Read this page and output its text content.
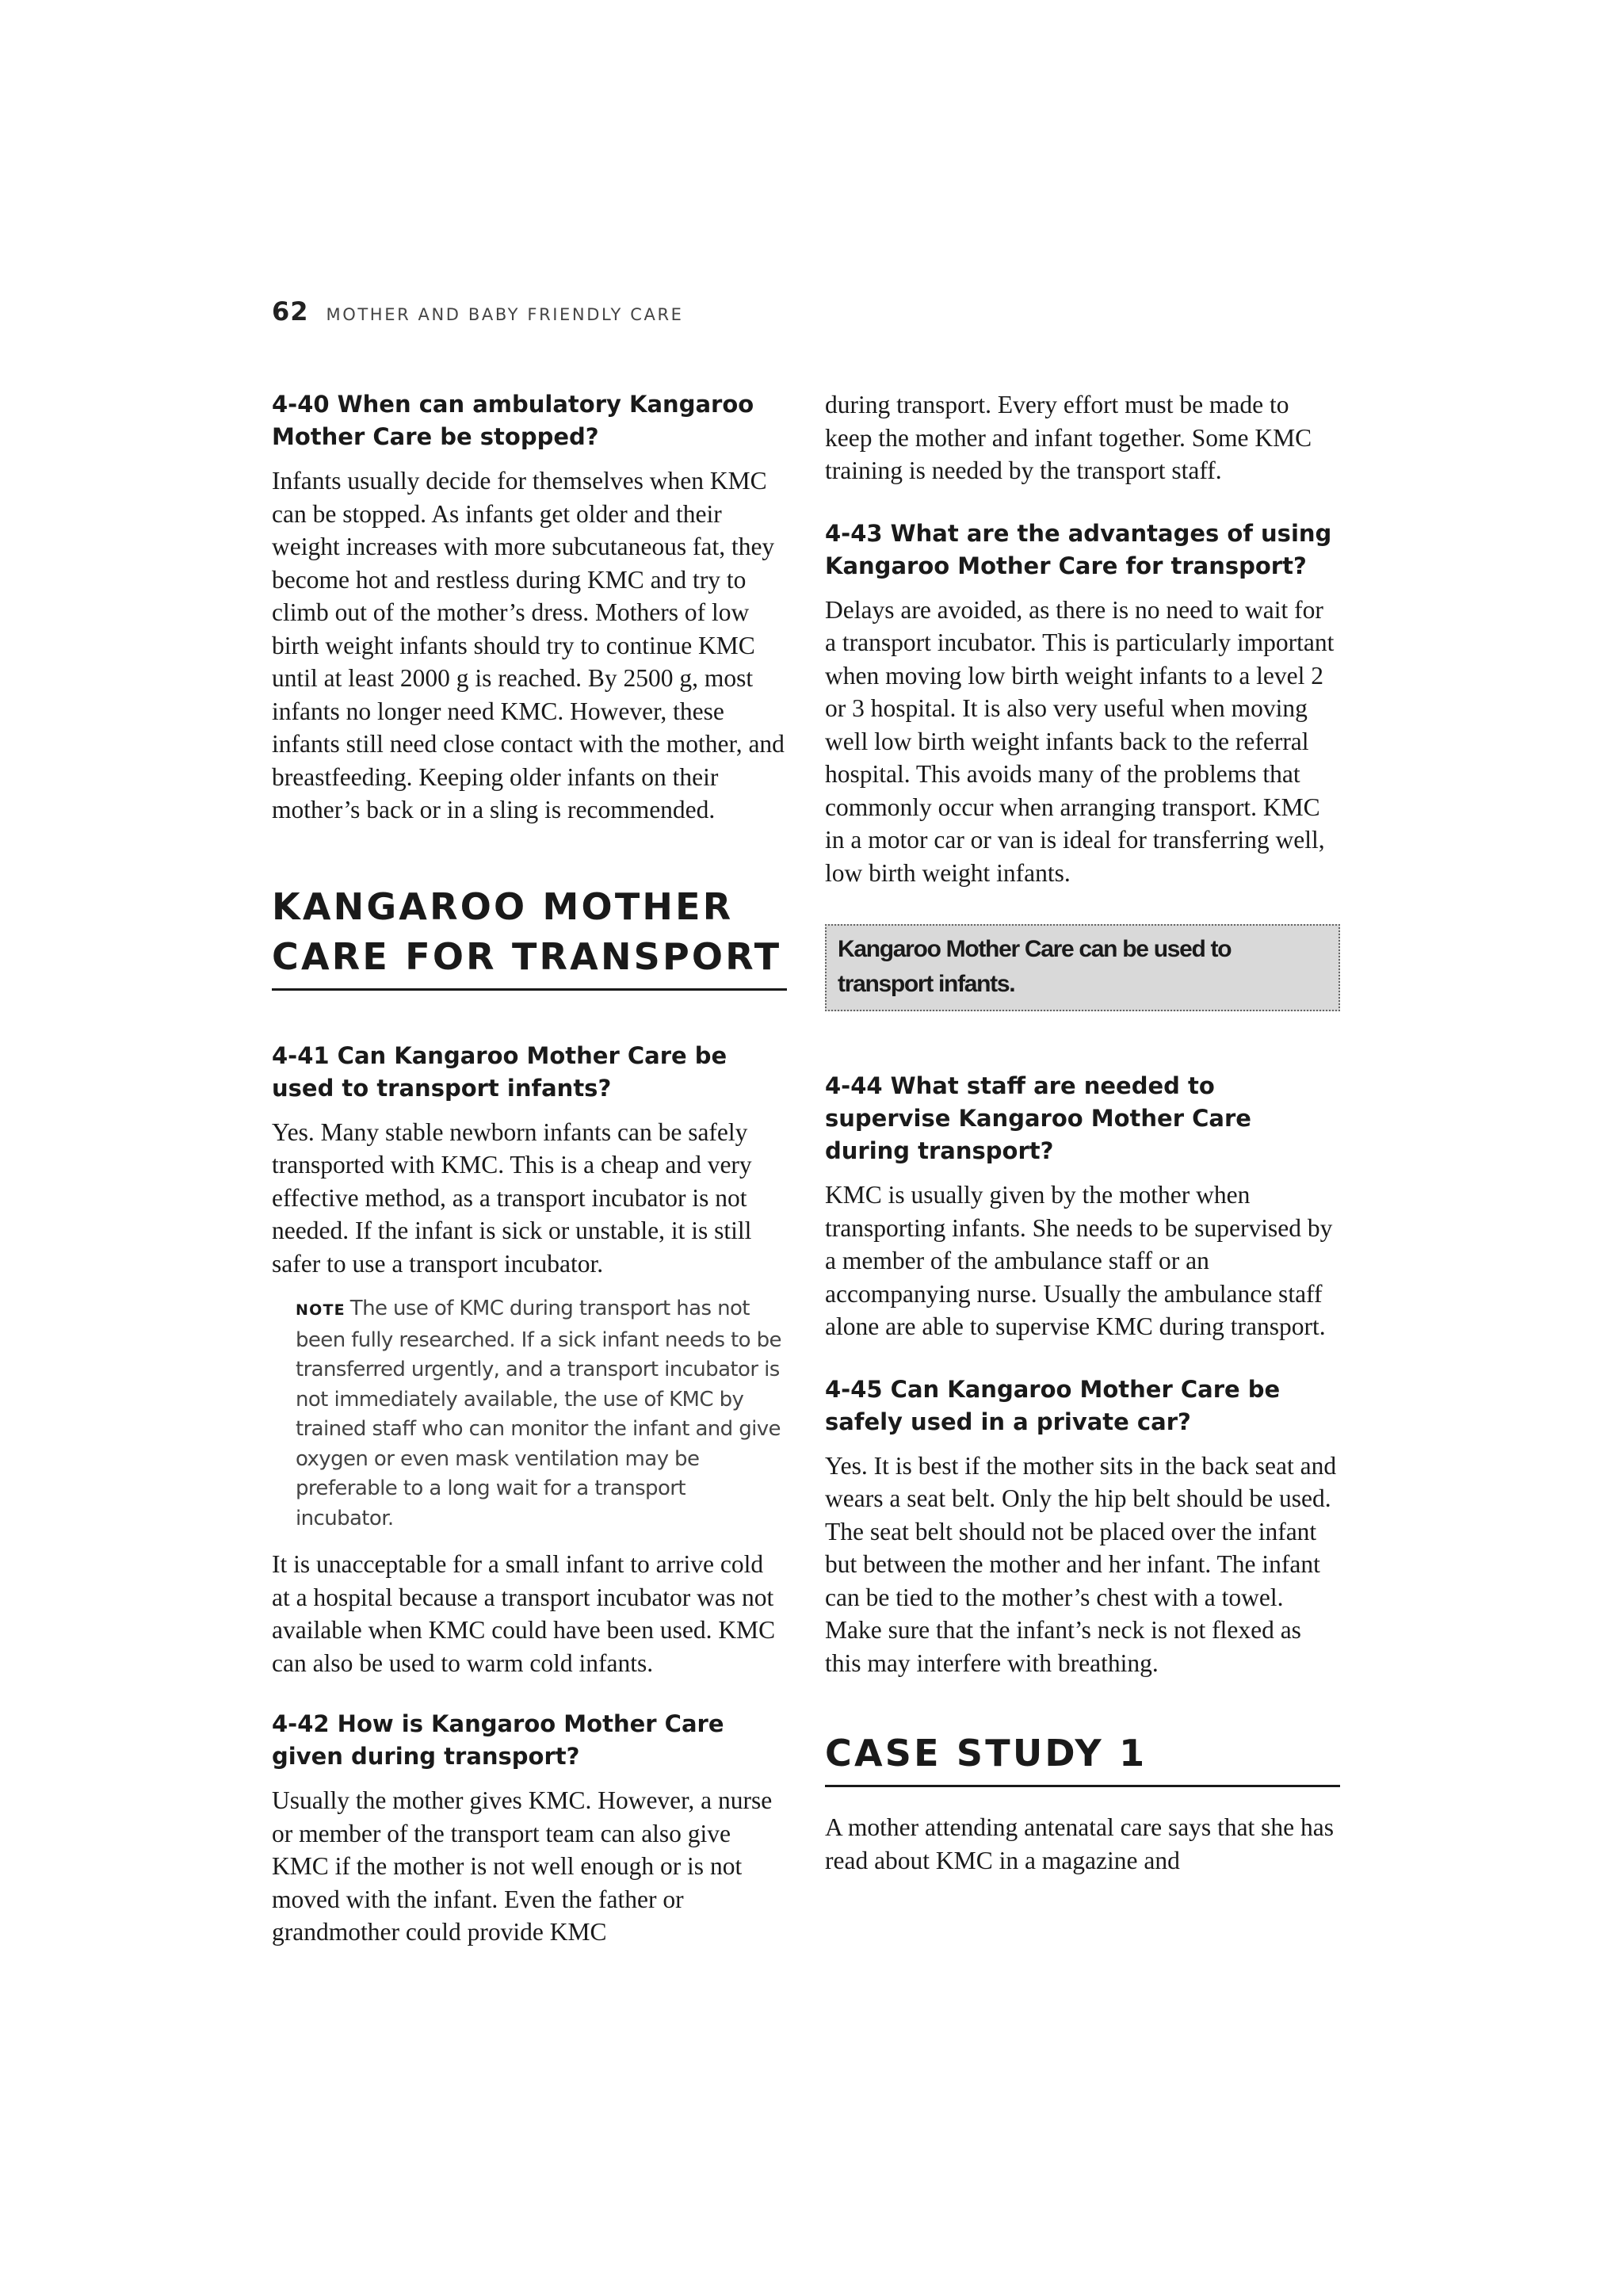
62 MOTHER AND BABY FRIENDLY CARE
4-40 When can ambulatory Kangaroo Mother Care be stopped?

Infants usually decide for themselves when KMC can be stopped. As infants get older and their weight increases with more subcutaneous fat, they become hot and restless during KMC and try to climb out of the mother’s dress. Mothers of low birth weight infants should try to continue KMC until at least 2000 g is reached. By 2500 g, most infants no longer need KMC. However, these infants still need close contact with the mother, and breastfeeding. Keeping older infants on their mother’s back or in a sling is recommended.

KANGAROO MOTHER CARE FOR TRANSPORT
4-41 Can Kangaroo Mother Care be used to transport infants?

Yes. Many stable newborn infants can be safely transported with KMC. This is a cheap and very effective method, as a transport incubator is not needed. If the infant is sick or unstable, it is still safer to use a transport incubator.

NOTE The use of KMC during transport has not been fully researched. If a sick infant needs to be transferred urgently, and a transport incubator is not immediately available, the use of KMC by trained staff who can monitor the infant and give oxygen or even mask ventilation may be preferable to a long wait for a transport incubator.

It is unacceptable for a small infant to arrive cold at a hospital because a transport incubator was not available when KMC could have been used. KMC can also be used to warm cold infants.

4-42 How is Kangaroo Mother Care given during transport?

Usually the mother gives KMC. However, a nurse or member of the transport team can also give KMC if the mother is not well enough or is not moved with the infant. Even the father or grandmother could provide KMC

during transport. Every effort must be made to keep the mother and infant together. Some KMC training is needed by the transport staff.

4-43 What are the advantages of using Kangaroo Mother Care for transport?

Delays are avoided, as there is no need to wait for a transport incubator. This is particularly important when moving low birth weight infants to a level 2 or 3 hospital. It is also very useful when moving well low birth weight infants back to the referral hospital. This avoids many of the problems that commonly occur when arranging transport. KMC in a motor car or van is ideal for transferring well, low birth weight infants.

Kangaroo Mother Care can be used to transport infants.
4-44 What staff are needed to supervise Kangaroo Mother Care during transport?

KMC is usually given by the mother when transporting infants. She needs to be supervised by a member of the ambulance staff or an accompanying nurse. Usually the ambulance staff alone are able to supervise KMC during transport.

4-45 Can Kangaroo Mother Care be safely used in a private car?

Yes. It is best if the mother sits in the back seat and wears a seat belt. Only the hip belt should be used. The seat belt should not be placed over the infant but between the mother and her infant. The infant can be tied to the mother’s chest with a towel. Make sure that the infant’s neck is not flexed as this may interfere with breathing.

CASE STUDY 1

A mother attending antenatal care says that she has read about KMC in a magazine and
